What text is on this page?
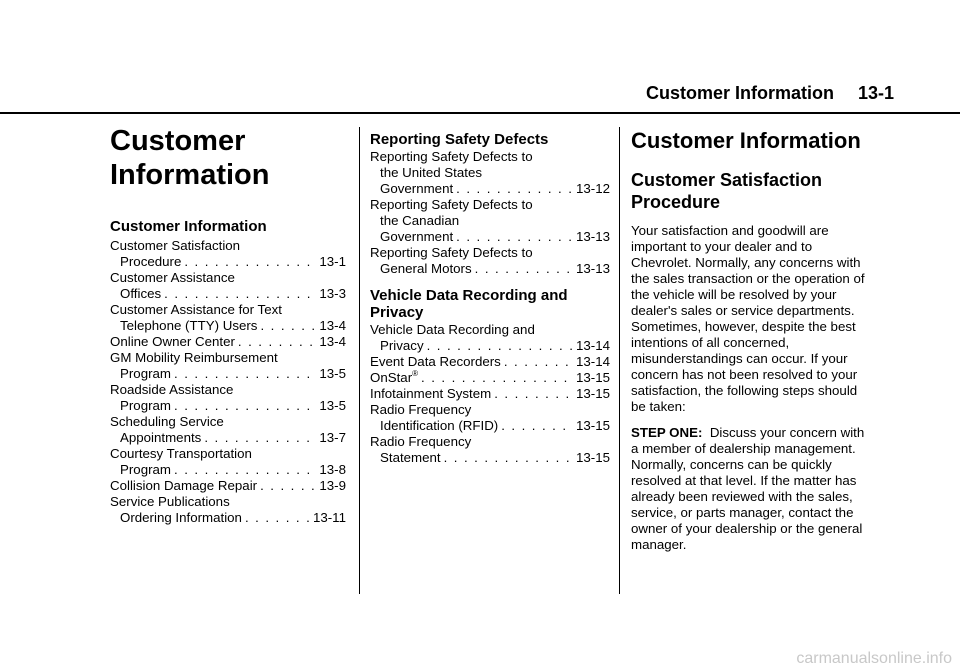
Customer Information 13-1
Customer
Information
Customer Information
Customer Satisfaction
Procedure . . .	13-1
Customer Assistance
Offices . . .	13-3
Customer Assistance for Text
Telephone (TTY) Users . . .	13-4
Online Owner Center . . .	13-4
GM Mobility Reimbursement
Program . . .	13-5
Roadside Assistance
Program . . .	13-5
Scheduling Service
Appointments . . .	13-7
Courtesy Transportation
Program . . .	13-8
Collision Damage Repair . . .	13-9
Service Publications
Ordering Information . . .	13-11
Reporting Safety Defects
Reporting Safety Defects to
the United States
Government . . .	13-12
Reporting Safety Defects to
the Canadian
Government . . .	13-13
Reporting Safety Defects to
General Motors . . .	13-13
Vehicle Data Recording and
Privacy
Vehicle Data Recording and
Privacy . . .	13-14
Event Data Recorders . . .	13-14
OnStar® . . .	13-15
Infotainment System . . .	13-15
Radio Frequency
Identification (RFID) . . .	13-15
Radio Frequency
Statement . . .	13-15
Customer Information
Customer Satisfaction
Procedure

Your satisfaction and goodwill are important to your dealer and to Chevrolet. Normally, any concerns with the sales transaction or the operation of the vehicle will be resolved by your dealer's sales or service departments. Sometimes, however, despite the best intentions of all concerned, misunderstandings can occur. If your concern has not been resolved to your satisfaction, the following steps should be taken:

STEP ONE: Discuss your concern with a member of dealership management. Normally, concerns can be quickly resolved at that level. If the matter has already been reviewed with the sales, service, or parts manager, contact the owner of your dealership or the general manager.

carmanualsonline.info
